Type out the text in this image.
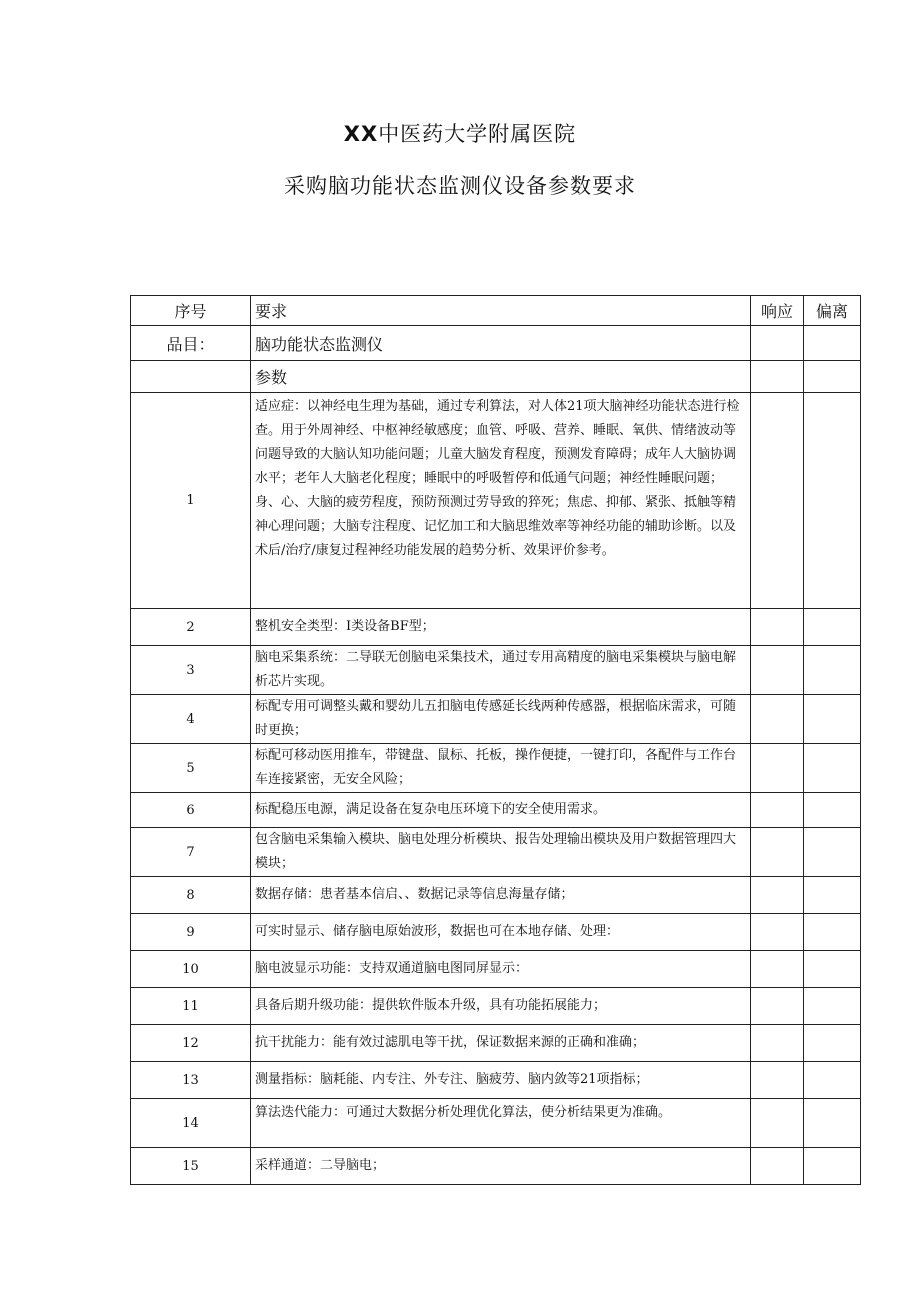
XX中医药大学附属医院
采购脑功能状态监测仪设备参数要求
序号	要求	响应	偏离
品目：	脑功能状态监测仪		
	参数		
1	适应症：以神经电生理为基础，通过专利算法，对人体21项大脑神经功能状态进行检查。用于外周神经、中枢神经敏感度；血管、呼吸、营养、睡眠、氧供、情绪波动等问题导致的大脑认知功能问题；儿童大脑发育程度，预测发育障碍；成年人大脑协调水平；老年人大脑老化程度；睡眠中的呼吸暂停和低通气问题；神经性睡眠问题；身、心、大脑的疲劳程度，预防预测过劳导致的猝死；焦虑、抑郁、紧张、抵触等精神心理问题；大脑专注程度、记忆加工和大脑思维效率等神经功能的辅助诊断。以及术后/治疗/康复过程神经功能发展的趋势分析、效果评价参考。		
2	整机安全类型：I类设备BF型；		
3	脑电采集系统：二导联无创脑电采集技术，通过专用高精度的脑电采集模块与脑电解析芯片实现。		
4	标配专用可调整头戴和婴幼儿五扣脑电传感延长线两种传感器，根据临床需求，可随时更换；		
5	标配可移动医用推车，带键盘、鼠标、托板，操作便捷，一键打印，各配件与工作台车连接紧密，无安全风险；		
6	标配稳压电源，满足设备在复杂电压环境下的安全使用需求。		
7	包含脑电采集输入模块、脑电处理分析模块、报告处理输出模块及用户数据管理四大模块；		
8	数据存储：患者基本信启、、数据记录等信息海量存储；		
9	可实时显示、储存脑电原始波形，数据也可在本地存储、处理：		
10	脑电波显示功能：支持双通道脑电图同屏显示：		
11	具备后期升级功能：提供软件版本升级，具有功能拓展能力；		
12	抗干扰能力：能有效过滤肌电等干扰，保证数据来源的正确和准确；		
13	测量指标：脑耗能、内专注、外专注、脑疲劳、脑内敛等21项指标；		
14	算法迭代能力：可通过大数据分析处理优化算法，使分析结果更为准确。		
15	采样通道：二导脑电；		
